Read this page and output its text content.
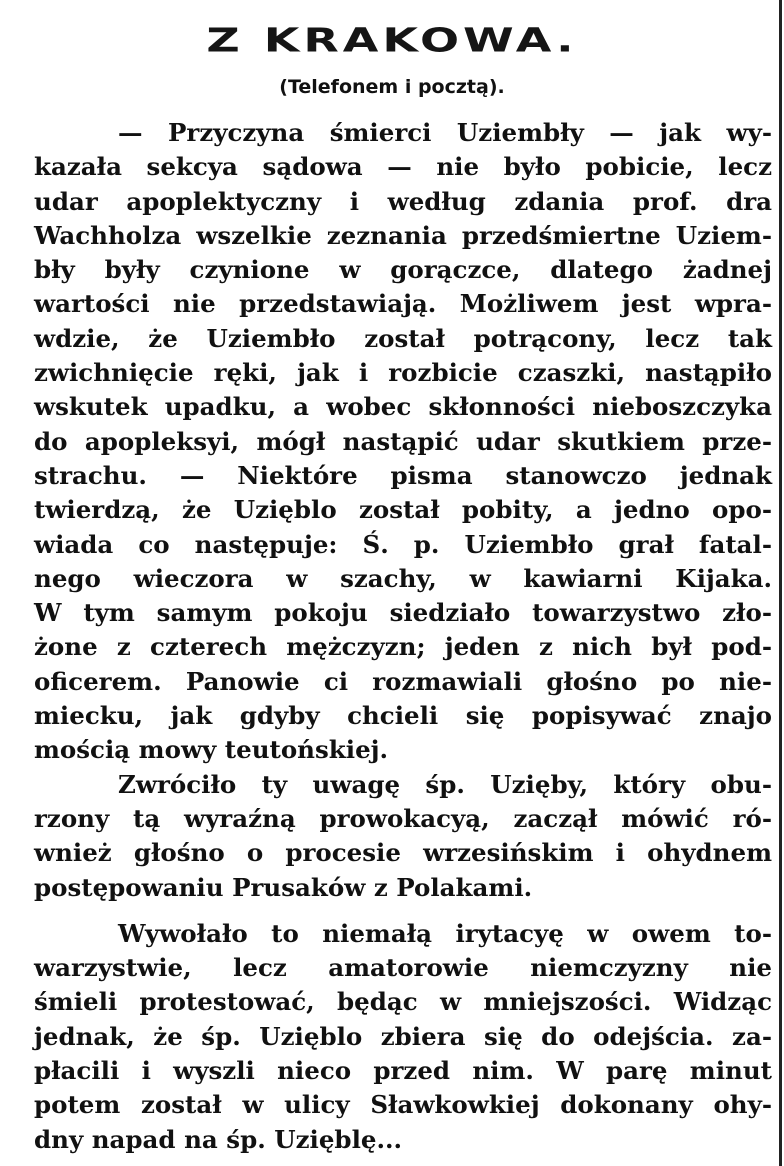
Z KRAKOWA.
(Telefonem i pocztą).
— Przyczyna śmierci Uziembły — jak wy-
kazała sekcya sądowa — nie było pobicie, lecz
udar apoplektyczny i według zdania prof. dra
Wachholza wszelkie zeznania przedśmiertne Uziem-
bły były czynione w gorączce, dlatego żadnej
wartości nie przedstawiają. Możliwem jest wpra-
wdzie, że Uziembło został potrącony, lecz tak
zwichnięcie ręki, jak i rozbicie czaszki, nastąpiło
wskutek upadku, a wobec skłonności nieboszczyka
do apopleksyi, mógł nastąpić udar skutkiem prze-
strachu. — Niektóre pisma stanowczo jednak
twierdzą, że Uzięblo został pobity, a jedno opo-
wiada co następuje: Ś. p. Uziembło grał fatal-
nego wieczora w szachy, w kawiarni Kijaka.
W tym samym pokoju siedziało towarzystwo zło-
żone z czterech mężczyzn; jeden z nich był pod-
oficerem. Panowie ci rozmawiali głośno po nie-
miecku, jak gdyby chcieli się popisywać znajo
mością mowy teutońskiej.
Zwróciło ty uwagę śp. Uzięby, który obu-
rzony tą wyraźną prowokacyą, zaczął mówić ró-
wnież głośno o procesie wrzesińskim i ohydnem
postępowaniu Prusaków z Polakami.
Wywołało to niemałą irytacyę w owem to-
warzystwie, lecz amatorowie niemczyzny nie
śmieli protestować, będąc w mniejszości. Widząc
jednak, że śp. Uzięblo zbiera się do odejścia. za-
płacili i wyszli nieco przed nim. W parę minut
potem został w ulicy Sławkowkiej dokonany ohy-
dny napad na śp. Uzięblę...
